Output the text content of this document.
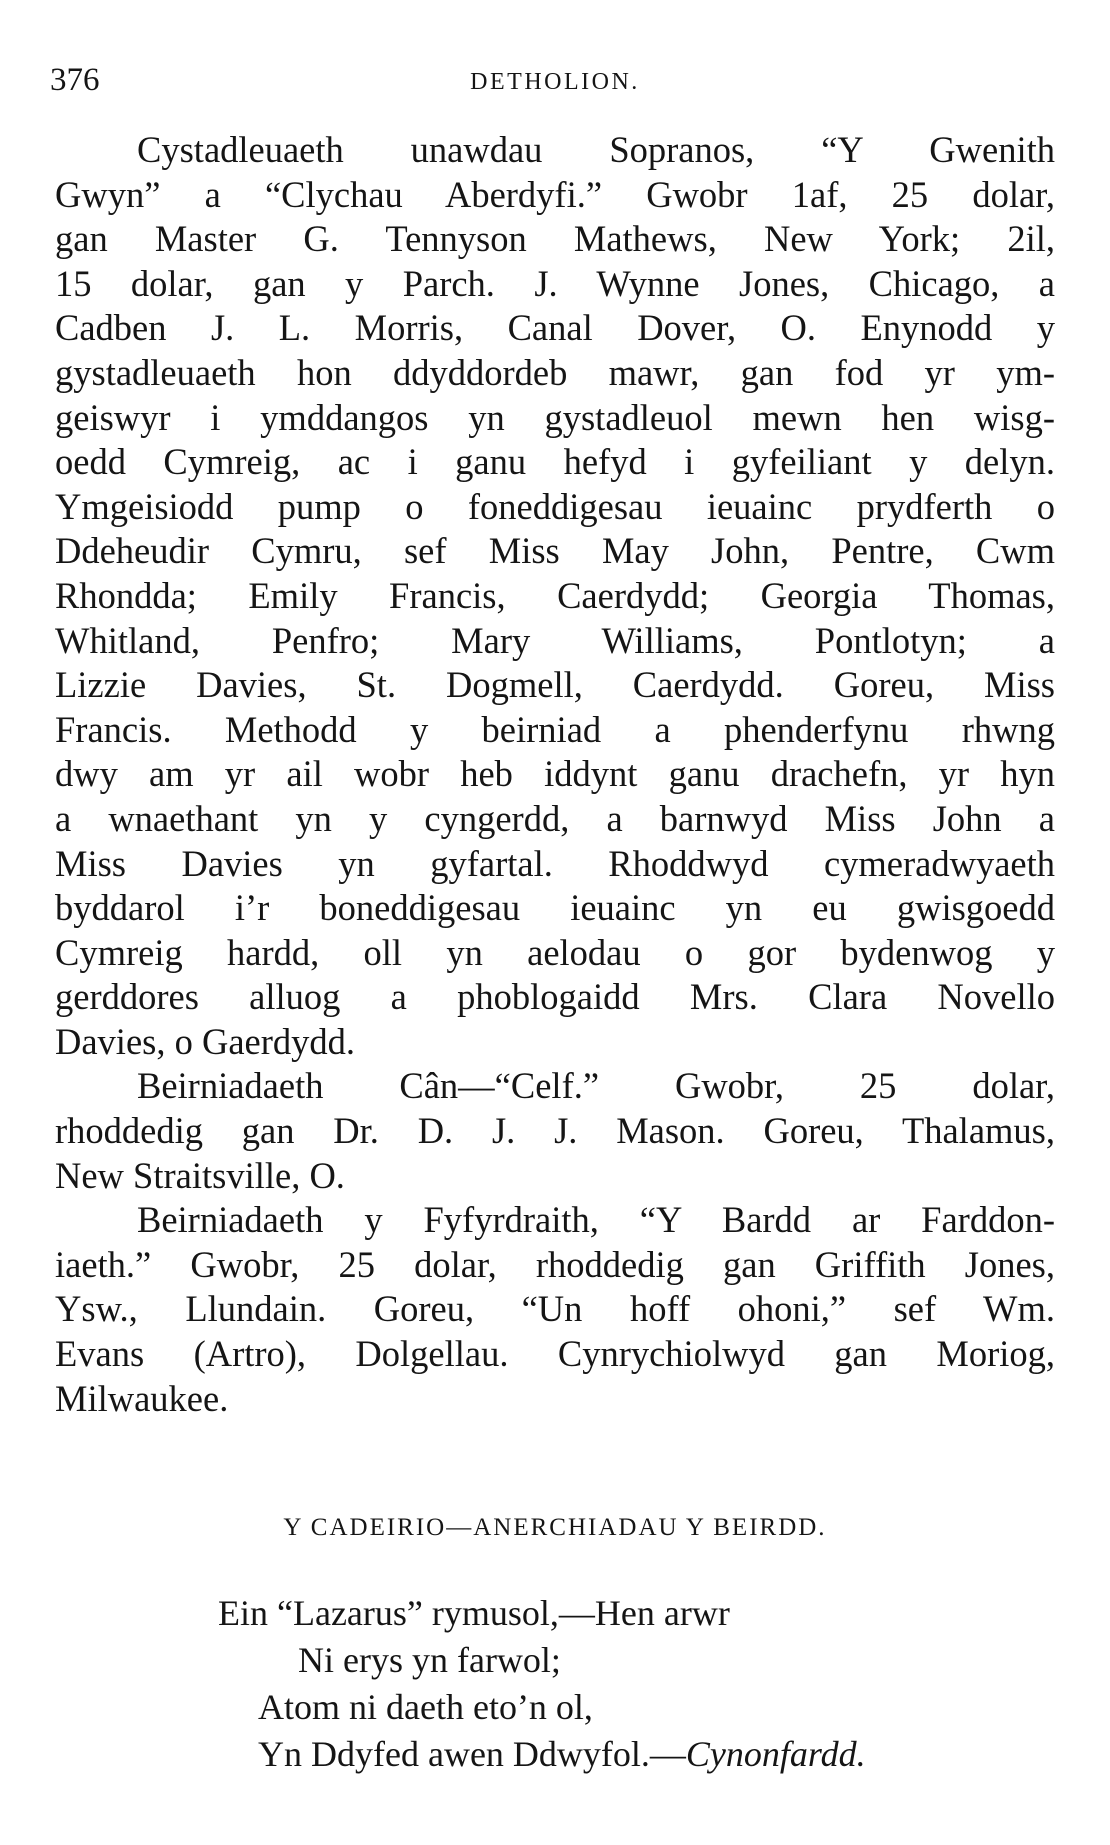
376	DETHOLION.
Cystadleuaeth unawdau Sopranos, “Y Gwenith
Gwyn” a “Clychau Aberdyfi.” Gwobr 1af, 25 dolar,
gan Master G. Tennyson Mathews, New York; 2il,
15 dolar, gan y Parch. J. Wynne Jones, Chicago, a
Cadben J. L. Morris, Canal Dover, O. Enynodd y
gystadleuaeth hon ddyddordeb mawr, gan fod yr ym-
geiswyr i ymddangos yn gystadleuol mewn hen wisg-
oedd Cymreig, ac i ganu hefyd i gyfeiliant y delyn.
Ymgeisiodd pump o foneddigesau ieuainc prydferth o
Ddeheudir Cymru, sef Miss May John, Pentre, Cwm
Rhondda; Emily Francis, Caerdydd; Georgia Thomas,
Whitland, Penfro; Mary Williams, Pontlotyn; a
Lizzie Davies, St. Dogmell, Caerdydd. Goreu, Miss
Francis. Methodd y beirniad a phenderfynu rhwng
dwy am yr ail wobr heb iddynt ganu drachefn, yr hyn
a wnaethant yn y cyngerdd, a barnwyd Miss John a
Miss Davies yn gyfartal. Rhoddwyd cymeradwyaeth
byddarol i’r boneddigesau ieuainc yn eu gwisgoedd
Cymreig hardd, oll yn aelodau o gor bydenwog y
gerddores alluog a phoblogaidd Mrs. Clara Novello
Davies, o Gaerdydd.
Beirniadaeth Cân—“Celf.” Gwobr, 25 dolar,
rhoddedig gan Dr. D. J. J. Mason. Goreu, Thalamus,
New Straitsville, O.
Beirniadaeth y Fyfyrdraith, “Y Bardd ar Farddon-
iaeth.” Gwobr, 25 dolar, rhoddedig gan Griffith Jones,
Ysw., Llundain. Goreu, “Un hoff ohoni,” sef Wm.
Evans (Artro), Dolgellau. Cynrychiolwyd gan Moriog,
Milwaukee.
Y CADEIRIO—ANERCHIADAU Y BEIRDD.
Ein “Lazarus” rymusol,—Hen arwr
Ni erys yn farwol;
Atom ni daeth eto’n ol,
Yn Ddyfed awen Ddwyfol.—Cynonfardd.
